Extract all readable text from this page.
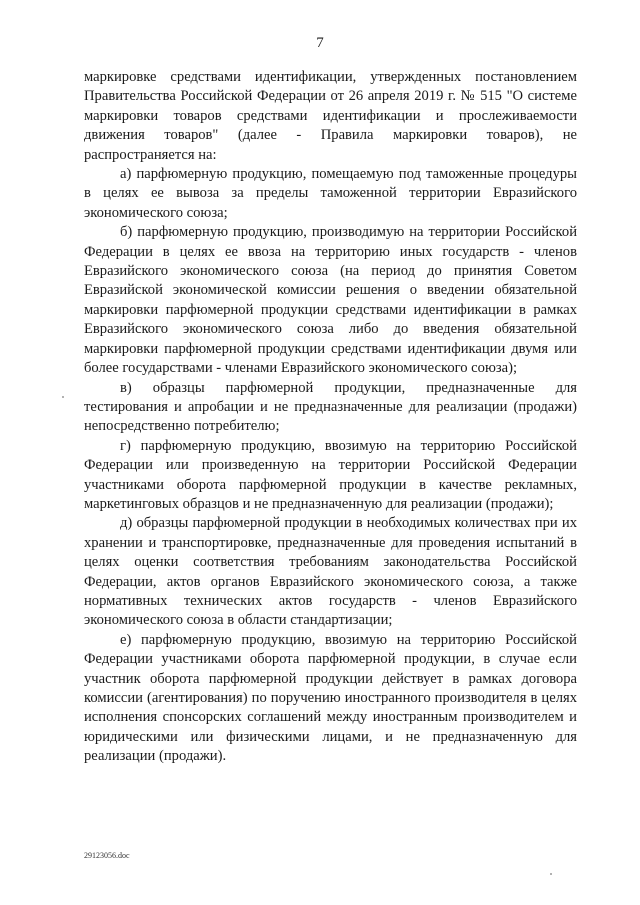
7

маркировке средствами идентификации, утвержденных постановлением Правительства Российской Федерации от 26 апреля 2019 г. № 515 "О системе маркировки товаров средствами идентификации и прослеживаемости движения товаров" (далее - Правила маркировки товаров), не распространяется на:

а) парфюмерную продукцию, помещаемую под таможенные процедуры в целях ее вывоза за пределы таможенной территории Евразийского экономического союза;

б) парфюмерную продукцию, производимую на территории Российской Федерации в целях ее ввоза на территорию иных государств - членов Евразийского экономического союза (на период до принятия Советом Евразийской экономической комиссии решения о введении обязательной маркировки парфюмерной продукции средствами идентификации в рамках Евразийского экономического союза либо до введения обязательной маркировки парфюмерной продукции средствами идентификации двумя или более государствами - членами Евразийского экономического союза);

в) образцы парфюмерной продукции, предназначенные для тестирования и апробации и не предназначенные для реализации (продажи) непосредственно потребителю;

г) парфюмерную продукцию, ввозимую на территорию Российской Федерации или произведенную на территории Российской Федерации участниками оборота парфюмерной продукции в качестве рекламных, маркетинговых образцов и не предназначенную для реализации (продажи);

д) образцы парфюмерной продукции в необходимых количествах при их хранении и транспортировке, предназначенные для проведения испытаний в целях оценки соответствия требованиям законодательства Российской Федерации, актов органов Евразийского экономического союза, а также нормативных технических актов государств - членов Евразийского экономического союза в области стандартизации;

е) парфюмерную продукцию, ввозимую на территорию Российской Федерации участниками оборота парфюмерной продукции, в случае если участник оборота парфюмерной продукции действует в рамках договора комиссии (агентирования) по поручению иностранного производителя в целях исполнения спонсорских соглашений между иностранным производителем и юридическими или физическими лицами, и не предназначенную для реализации (продажи).

29123056.doc
